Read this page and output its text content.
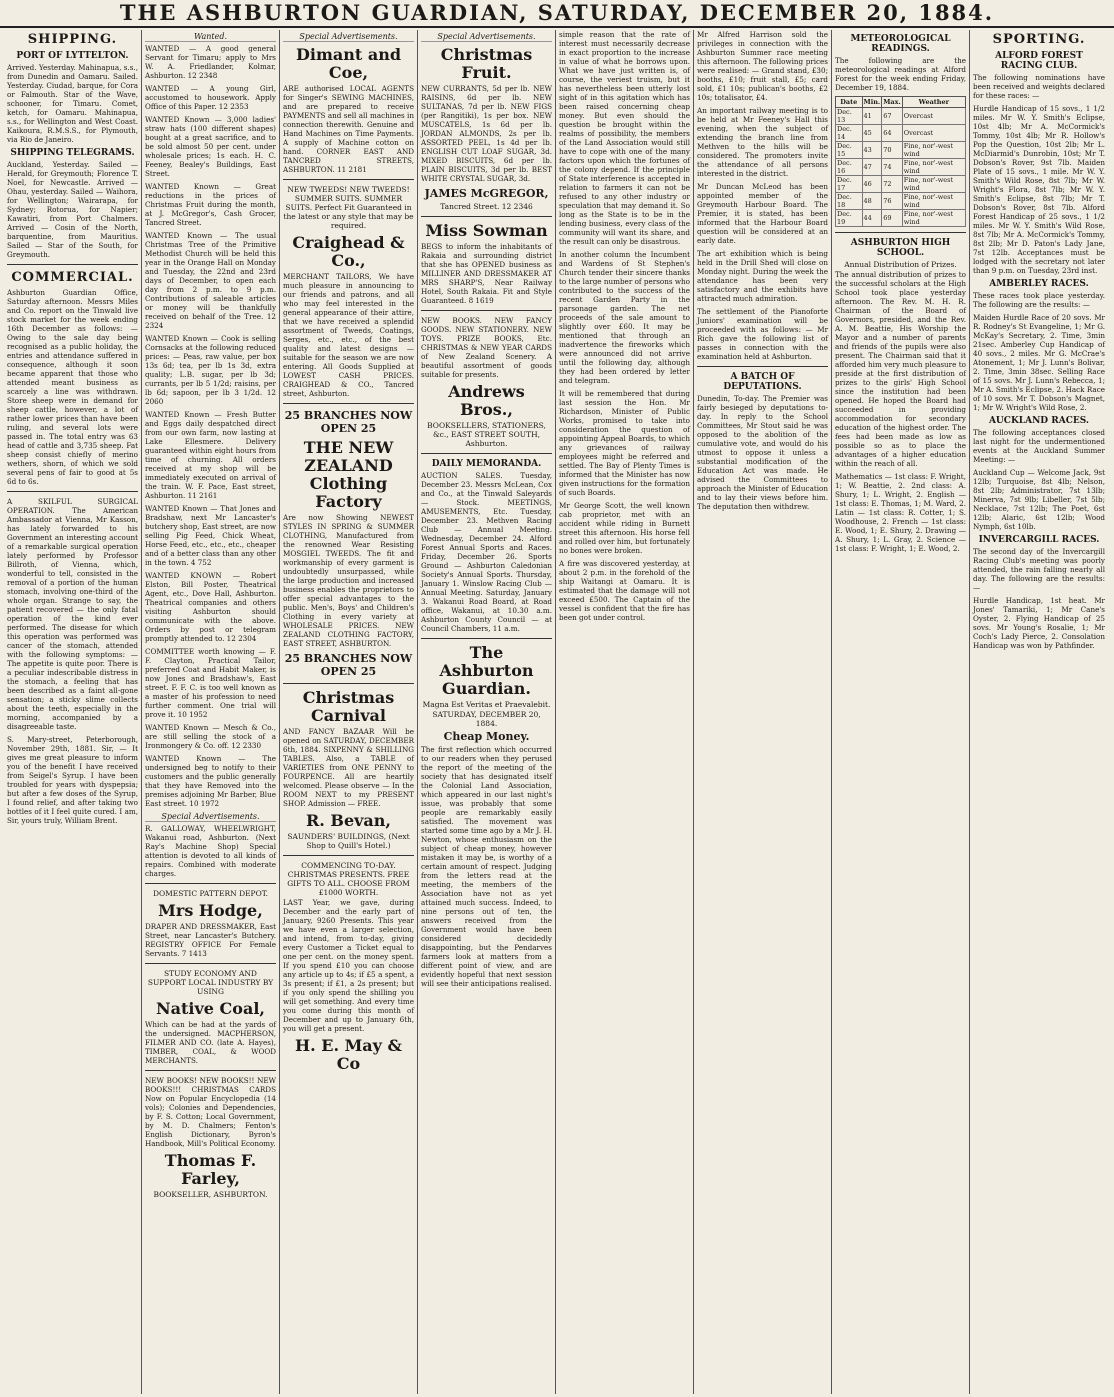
THE ASHBURTON GUARDIAN, SATURDAY, DECEMBER 20, 1884.
SHIPPING.
PORT OF LYTTELTON.

Arrived. Yesterday. Mahinapua, s.s., from Dunedin and Oamaru. Sailed. Yesterday. Ciudad, barque, for Cora or Falmouth. Star of the Wave, schooner, for Timaru. Comet, ketch, for Oamaru. Mahinapua, s.s., for Wellington and West Coast. Kaikoura, R.M.S.S., for Plymouth, via Rio de Janeiro.

SHIPPING TELEGRAMS.

Auckland, Yesterday. Sailed — Herald, for Greymouth; Florence T. Noel, for Newcastle. Arrived — Ohau, yesterday. Sailed — Waihora, for Wellington; Wairarapa, for Sydney; Rotorua, for Napier; Kawatiri, from Port Chalmers. Arrived — Cosin of the North, barquentine, from Mauritius. Sailed — Star of the South, for Greymouth.

COMMERCIAL.

Ashburton Guardian Office, Saturday afternoon. Messrs Miles and Co. report on the Tinwald live stock market for the week ending 16th December as follows: — Owing to the sale day being recognised as a public holiday, the entries and attendance suffered in consequence, although it soon became apparent that those who attended meant business as scarcely a line was withdrawn. Store sheep were in demand for sheep cattle, however, a lot of rather lower prices than have been ruling, and several lots were passed in. The total entry was 63 head of cattle and 3,735 sheep. Fat sheep consist chiefly of merino wethers, shorn, of which we sold several pens of fair to good at 5s 6d to 6s.

A SKILFUL SURGICAL OPERATION. The American Ambassador at Vienna, Mr Kasson, has lately forwarded to his Government an interesting account of a remarkable surgical operation lately performed by Professor Billroth, of Vienna, which, wonderful to tell, consisted in the removal of a portion of the human stomach, involving one-third of the whole organ. Strange to say, the patient recovered — the only fatal operation of the kind ever performed. The disease for which this operation was performed was cancer of the stomach, attended with the following symptoms: — The appetite is quite poor. There is a peculiar indescribable distress in the stomach, a feeling that has been described as a faint all-gone sensation; a sticky slime collects about the teeth, especially in the morning, accompanied by a disagreeable taste.

S. Mary-street, Peterborough, November 29th, 1881. Sir, — It gives me great pleasure to inform you of the benefit I have received from Seigel's Syrup. I have been troubled for years with dyspepsia; but after a few doses of the Syrup, I found relief, and after taking two bottles of it I feel quite cured. I am, Sir, yours truly, William Brent.

Wanted.

WANTED — A good general Servant for Timaru; apply to Mrs W. A. Friedlander, Kolmar, Ashburton. 12 2348

WANTED — A young Girl, accustomed to housework. Apply Office of this Paper. 12 2353

WANTED Known — 3,000 ladies' straw hats (100 different shapes) bought at a great sacrifice, and to be sold almost 50 per cent. under wholesale prices; 1s each. H. C. Feeney, Bealey's Buildings, East Street.

WANTED Known — Great reductions in the prices of Christmas Fruit during the month, at J. McGregor's, Cash Grocer, Tancred Street.

WANTED Known — The usual Christmas Tree of the Primitive Methodist Church will be held this year in the Orange Hall on Monday and Tuesday, the 22nd and 23rd days of December, to open each day from 2 p.m. to 9 p.m. Contributions of saleable articles or money will be thankfully received on behalf of the Tree. 12 2324

WANTED Known — Cook is selling Cornsacks at the following reduced prices: — Peas, raw value, per box 13s 6d; tea, per lb 1s 3d, extra quality; L.B. sugar, per lb 3d; currants, per lb 5 1/2d; raisins, per lb 6d; sapoon, per lb 3 1/2d. 12 2060

WANTED Known — Fresh Butter and Eggs daily despatched direct from our own farm, now lasting at Lake Ellesmere. Delivery guaranteed within eight hours from time of churning. All orders received at my shop will be immediately executed on arrival of the train. W. F. Pace, East street, Ashburton. 11 2161

WANTED Known — That Jones and Bradshaw, next Mr Lancaster's butchery shop, East street, are now selling Pig Feed, Chick Wheat, Horse Feed, etc., etc., etc., cheaper and of a better class than any other in the town. 4 752

WANTED KNOWN — Robert Elston, Bill Poster, Theatrical Agent, etc., Dove Hall, Ashburton. Theatrical companies and others visiting Ashburton should communicate with the above. Orders by post or telegram promptly attended to. 12 2304

COMMITTEE worth knowing — F. F. Clayton, Practical Tailor, preferred Coat and Habit Maker, is now Jones and Bradshaw's, East street. F. F. C. is too well known as a master of his profession to need further comment. One trial will prove it. 10 1952

WANTED Known — Mesch & Co., are still selling the stock of a Ironmongery & Co. off. 12 2330

WANTED Known — The undersigned beg to notify to their customers and the public generally that they have Removed into the premises adjoining Mr Barber, Blue East street. 10 1972

Special Advertisements.

R. GALLOWAY, WHEELWRIGHT, Wakanui road, Ashburton. (Next Ray's Machine Shop) Special attention is devoted to all kinds of repairs. Combined with moderate charges.

DOMESTIC PATTERN DEPOT.
Mrs Hodge,

DRAPER AND DRESSMAKER, East Street, near Lancaster's Butchery. REGISTRY OFFICE For Female Servants. 7 1413

STUDY ECONOMY AND SUPPORT LOCAL INDUSTRY BY USING
Native Coal,

Which can be had at the yards of the undersigned. MACPHERSON, FILMER AND CO. (late A. Hayes), TIMBER, COAL, & WOOD MERCHANTS.

NEW BOOKS! NEW BOOKS!! NEW BOOKS!!! CHRISTMAS CARDS Now on Popular Encyclopedia (14 vols); Colonies and Dependencies, by F. S. Cotton; Local Government, by M. D. Chalmers; Fenton's English Dictionary, Byron's Handbook, Mill's Political Economy.

Thomas F. Farley,
BOOKSELLER, ASHBURTON.
Special Advertisements.
Dimant and Coe,

ARE authorised LOCAL AGENTS for Singer's SEWING MACHINES, and are prepared to receive PAYMENTS and sell all machines in connection therewith. Genuine and Hand Machines on Time Payments. A supply of Machine cotton on hand. CORNER EAST AND TANCRED STREETS, ASHBURTON. 11 2181

NEW TWEEDS! NEW TWEEDS! SUMMER SUITS. SUMMER SUITS. Perfect Fit Guaranteed in the latest or any style that may be required.
Craighead & Co.,

MERCHANT TAILORS, We have much pleasure in announcing to our friends and patrons, and all who may feel interested in the general appearance of their attire, that we have received a splendid assortment of Tweeds, Coatings, Serges, etc., etc., of the best quality and latest designs — suitable for the season we are now entering. All Goods Supplied at LOWEST CASH PRICES. CRAIGHEAD & CO., Tancred street, Ashburton.

25 BRANCHES NOW OPEN 25
THE NEW ZEALAND Clothing Factory

Are now Showing NEWEST STYLES IN SPRING & SUMMER CLOTHING, Manufactured from the renowned Wear Resisting MOSGIEL TWEEDS. The fit and workmanship of every garment is undoubtedly unsurpassed, while the large production and increased business enables the proprietors to offer special advantages to the public. Men's, Boys' and Children's Clothing in every variety at WHOLESALE PRICES. NEW ZEALAND CLOTHING FACTORY, EAST STREET, ASHBURTON.

25 BRANCHES NOW OPEN 25
Christmas Carnival

AND FANCY BAZAAR Will be opened on SATURDAY, DECEMBER 6th, 1884. SIXPENNY & SHILLING TABLES. Also, a TABLE of VARIETIES from ONE PENNY to FOURPENCE. All are heartily welcomed. Please observe — In the ROOM NEXT to my PRESENT SHOP. Admission — FREE.

R. Bevan,
SAUNDERS' BUILDINGS, (Next Shop to Quill's Hotel.)
COMMENCING TO-DAY. CHRISTMAS PRESENTS. FREE GIFTS TO ALL. CHOOSE FROM £1000 WORTH.

LAST Year, we gave, during December and the early part of January, 9260 Presents. This year we have even a larger selection, and intend, from to-day, giving every Customer a Ticket equal to one per cent. on the money spent. If you spend £10 you can choose any article up to 4s; if £5 a spent, a 3s present; if £1, a 2s present; but if you only spend the shilling you will get something. And every time you come during this month of December and up to January 6th, you will get a present.

H. E. May & Co
Special Advertisements.
Christmas Fruit.

NEW CURRANTS, 5d per lb. NEW RAISINS, 6d per lb. NEW SULTANAS, 7d per lb. NEW FIGS (per Rangitiki), 1s per box. NEW MUSCATELS, 1s 6d per lb. JORDAN ALMONDS, 2s per lb. ASSORTED PEEL, 1s 4d per lb. ENGLISH CUT LOAF SUGAR, 3d. MIXED BISCUITS, 6d per lb. PLAIN BISCUITS, 3d per lb. BEST WHITE CRYSTAL SUGAR, 3d.

JAMES McGREGOR,
Tancred Street. 12 2346
Miss Sowman

BEGS to inform the inhabitants of Rakaia and surrounding district that she has OPENED business as MILLINER AND DRESSMAKER AT MRS SHARP'S, Near Railway Hotel, South Rakaia. Fit and Style Guaranteed. 8 1619

NEW BOOKS. NEW FANCY GOODS. NEW STATIONERY. NEW TOYS. PRIZE BOOKS, Etc. CHRISTMAS & NEW YEAR CARDS of New Zealand Scenery. A beautiful assortment of goods suitable for presents.

Andrews Bros.,
BOOKSELLERS, STATIONERS, &c., EAST STREET SOUTH, Ashburton.
DAILY MEMORANDA.

AUCTION SALES. Tuesday, December 23. Messrs McLean, Cox and Co., at the Tinwald Saleyards — Stock. MEETINGS, AMUSEMENTS, Etc. Tuesday, December 23. Methven Racing Club — Annual Meeting. Wednesday, December 24. Alford Forest Annual Sports and Races. Friday, December 26. Sports Ground — Ashburton Caledonian Society's Annual Sports. Thursday, January 1. Winslow Racing Club — Annual Meeting. Saturday, January 3. Wakanui Road Board, at Road office, Wakanui, at 10.30 a.m. Ashburton County Council — at Council Chambers, 11 a.m.

The Ashburton Guardian.
Magna Est Veritas et Praevalebit.
SATURDAY, DECEMBER 20, 1884.
Cheap Money.

The first reflection which occurred to our readers when they perused the report of the meeting of the society that has designated itself the Colonial Land Association, which appeared in our last night's issue, was probably that some people are remarkably easily satisfied. The movement was started some time ago by a Mr J. H. Newton, whose enthusiasm on the subject of cheap money, however mistaken it may be, is worthy of a certain amount of respect. Judging from the letters read at the meeting, the members of the Association have not as yet attained much success. Indeed, to nine persons out of ten, the answers received from the Government would have been considered decidedly disappointing, but the Pendarves farmers look at matters from a different point of view, and are evidently hopeful that next session will see their anticipations realised.

simple reason that the rate of interest must necessarily decrease in exact proportion to the increase in value of what he borrows upon. What we have just written is, of course, the veriest truism, but it has nevertheless been utterly lost sight of in this agitation which has been raised concerning cheap money. But even should the question be brought within the realms of possibility, the members of the Land Association would still have to cope with one of the many factors upon which the fortunes of the colony depend. If the principle of State interference is accepted in relation to farmers it can not be refused to any other industry or speculation that may demand it. So long as the State is to be in the lending business, every class of the community will want its share, and the result can only be disastrous.

In another column the Incumbent and Wardens of St Stephen's Church tender their sincere thanks to the large number of persons who contributed to the success of the recent Garden Party in the parsonage garden. The net proceeds of the sale amount to slightly over £60. It may be mentioned that through an inadvertence the fireworks which were announced did not arrive until the following day, although they had been ordered by letter and telegram.

It will be remembered that during last session the Hon. Mr Richardson, Minister of Public Works, promised to take into consideration the question of appointing Appeal Boards, to which any grievances of railway employees might be referred and settled. The Bay of Plenty Times is informed that the Minister has now given instructions for the formation of such Boards.

Mr George Scott, the well known cab proprietor, met with an accident while riding in Burnett street this afternoon. His horse fell and rolled over him, but fortunately no bones were broken.

A fire was discovered yesterday, at about 2 p.m. in the forehold of the ship Waitangi at Oamaru. It is estimated that the damage will not exceed £500. The Captain of the vessel is confident that the fire has been got under control.

Mr Alfred Harrison sold the privileges in connection with the Ashburton Summer race meeting this afternoon. The following prices were realised: — Grand stand, £30; booths, £10; fruit stall, £5; card sold, £1 10s; publican's booths, £2 10s; totalisator, £4.

An important railway meeting is to be held at Mr Feeney's Hall this evening, when the subject of extending the branch line from Methven to the hills will be considered. The promoters invite the attendance of all persons interested in the district.

Mr Duncan McLeod has been appointed member of the Greymouth Harbour Board. The Premier, it is stated, has been informed that the Harbour Board question will be considered at an early date.

The art exhibition which is being held in the Drill Shed will close on Monday night. During the week the attendance has been very satisfactory and the exhibits have attracted much admiration.

The settlement of the Pianoforte Juniors' examination will be proceeded with as follows: — Mr Rich gave the following list of passes in connection with the examination held at Ashburton.

A BATCH OF DEPUTATIONS.

Dunedin, To-day. The Premier was fairly besieged by deputations to-day. In reply to the School Committees, Mr Stout said he was opposed to the abolition of the cumulative vote, and would do his utmost to oppose it unless a substantial modification of the Education Act was made. He advised the Committees to approach the Minister of Education and to lay their views before him. The deputation then withdrew.

METEOROLOGICAL READINGS.

The following are the meteorological readings at Alford Forest for the week ending Friday, December 19, 1884.

Date	Min.	Max.	Weather
Dec. 13	41	67	Overcast
Dec. 14	45	64	Overcast
Dec. 15	43	70	Fine, nor'-west wind
Dec. 16	47	74	Fine, nor'-west wind
Dec. 17	46	72	Fine, nor'-west wind
Dec. 18	48	76	Fine, nor'-west wind
Dec. 19	44	69	Fine, nor'-west wind
ASHBURTON HIGH SCHOOL.
Annual Distribution of Prizes.

The annual distribution of prizes to the successful scholars at the High School took place yesterday afternoon. The Rev. M. H. R. Chairman of the Board of Governors, presided, and the Rev. A. M. Beattie, His Worship the Mayor and a number of parents and friends of the pupils were also present. The Chairman said that it afforded him very much pleasure to preside at the first distribution of prizes to the girls' High School since the institution had been opened. He hoped the Board had succeeded in providing accommodation for secondary education of the highest order. The fees had been made as low as possible so as to place the advantages of a higher education within the reach of all.

Mathematics — 1st class: F. Wright, 1; W. Beattie, 2. 2nd class: A. Shury, 1; L. Wright, 2. English — 1st class: E. Thomas, 1; M. Ward, 2. Latin — 1st class: R. Cotter, 1; S. Woodhouse, 2. French — 1st class: E. Wood, 1; E. Shury, 2. Drawing — A. Shury, 1; L. Gray, 2. Science — 1st class: F. Wright, 1; E. Wood, 2.

SPORTING.
ALFORD FOREST RACING CLUB.

The following nominations have been received and weights declared for these races: —

Hurdle Handicap of 15 sovs., 1 1/2 miles. Mr W. Y. Smith's Eclipse, 10st 4lb; Mr A. McCormick's Tommy, 10st 4lb; Mr R. Hollow's Pop the Question, 10st 2lb; Mr L. McDiarmid's Dunrobin, 10st; Mr T. Dobson's Rover, 9st 7lb. Maiden Plate of 15 sovs., 1 mile. Mr W. Y. Smith's Wild Rose, 8st 7lb; Mr W. Wright's Flora, 8st 7lb; Mr W. Y. Smith's Eclipse, 8st 7lb; Mr T. Dobson's Rover, 8st 7lb. Alford Forest Handicap of 25 sovs., 1 1/2 miles. Mr W. Y. Smith's Wild Rose, 8st 7lb; Mr A. McCormick's Tommy, 8st 2lb; Mr D. Paton's Lady Jane, 7st 12lb. Acceptances must be lodged with the secretary not later than 9 p.m. on Tuesday, 23rd inst.

AMBERLEY RACES.

These races took place yesterday. The following are the results: —

Maiden Hurdle Race of 20 sovs. Mr R. Rodney's St Evangeline, 1; Mr G. McKay's Secretary, 2. Time, 3min 21sec. Amberley Cup Handicap of 40 sovs., 2 miles. Mr G. McCrae's Atonement, 1; Mr J. Lunn's Bolivar, 2. Time, 3min 38sec. Selling Race of 15 sovs. Mr J. Lunn's Rebecca, 1; Mr A. Smith's Eclipse, 2. Hack Race of 10 sovs. Mr T. Dobson's Magnet, 1; Mr W. Wright's Wild Rose, 2.

AUCKLAND RACES.

The following acceptances closed last night for the undermentioned events at the Auckland Summer Meeting: —

Auckland Cup — Welcome Jack, 9st 12lb; Turquoise, 8st 4lb; Nelson, 8st 2lb; Administrator, 7st 13lb; Minerva, 7st 9lb; Libeller, 7st 5lb; Necklace, 7st 12lb; The Poet, 6st 12lb; Alaric, 6st 12lb; Wood Nymph, 6st 10lb.

INVERCARGILL RACES.

The second day of the Invercargill Racing Club's meeting was poorly attended, the rain falling nearly all day. The following are the results: —

Hurdle Handicap, 1st heat. Mr Jones' Tamariki, 1; Mr Cane's Oyster, 2. Flying Handicap of 25 sovs. Mr Young's Rosalie, 1; Mr Coch's Lady Pierce, 2. Consolation Handicap was won by Pathfinder.
